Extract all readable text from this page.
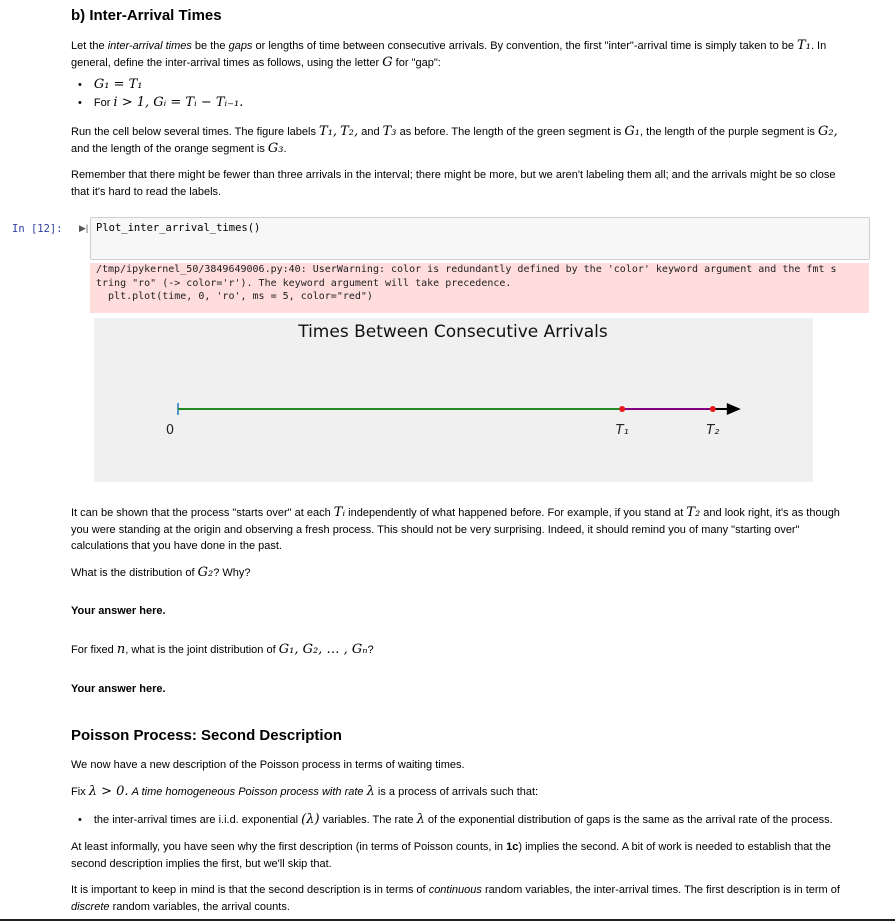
b) Inter-Arrival Times
Let the inter-arrival times be the gaps or lengths of time between consecutive arrivals. By convention, the first "inter"-arrival time is simply taken to be T₁. In
general, define the inter-arrival times as follows, using the letter G for "gap":
• G₁ = T₁
• For i > 1, Gᵢ = Tᵢ − Tᵢ₋₁.
Run the cell below several times. The figure labels T₁, T₂, and T₃ as before. The length of the green segment is G₁, the length of the purple segment is G₂,
and the length of the orange segment is G₃.
Remember that there might be fewer than three arrivals in the interval; there might be more, but we aren't labeling them all; and the arrivals might be so close
that it's hard to read the labels.
In [12]: ▶| Plot_inter_arrival_times()
/tmp/ipykernel_50/3849649006.py:40: UserWarning: color is redundantly defined by the 'color' keyword argument and the fmt s
tring "ro" (-> color='r'). The keyword argument will take precedence.
plt.plot(time, 0, 'ro', ms = 5, color="red")
Times Between Consecutive Arrivals
0	T₁	T₂
It can be shown that the process "starts over" at each Tᵢ independently of what happened before. For example, if you stand at T₂ and look right, it's as though
you were standing at the origin and observing a fresh process. This should not be very surprising. Indeed, it should remind you of many "starting over"
calculations that you have done in the past.
What is the distribution of G₂? Why?
Your answer here.
For fixed n, what is the joint distribution of G₁, G₂, … , Gₙ?
Your answer here.
Poisson Process: Second Description
We now have a new description of the Poisson process in terms of waiting times.
Fix λ > 0. A time homogeneous Poisson process with rate λ is a process of arrivals such that:
• the inter-arrival times are i.i.d. exponential (λ) variables. The rate λ of the exponential distribution of gaps is the same as the arrival rate of the process.
At least informally, you have seen why the first description (in terms of Poisson counts, in 1c) implies the second. A bit of work is needed to establish that the
second description implies the first, but we'll skip that.
It is important to keep in mind is that the second description is in terms of continuous random variables, the inter-arrival times. The first description is in term of
discrete random variables, the arrival counts.
